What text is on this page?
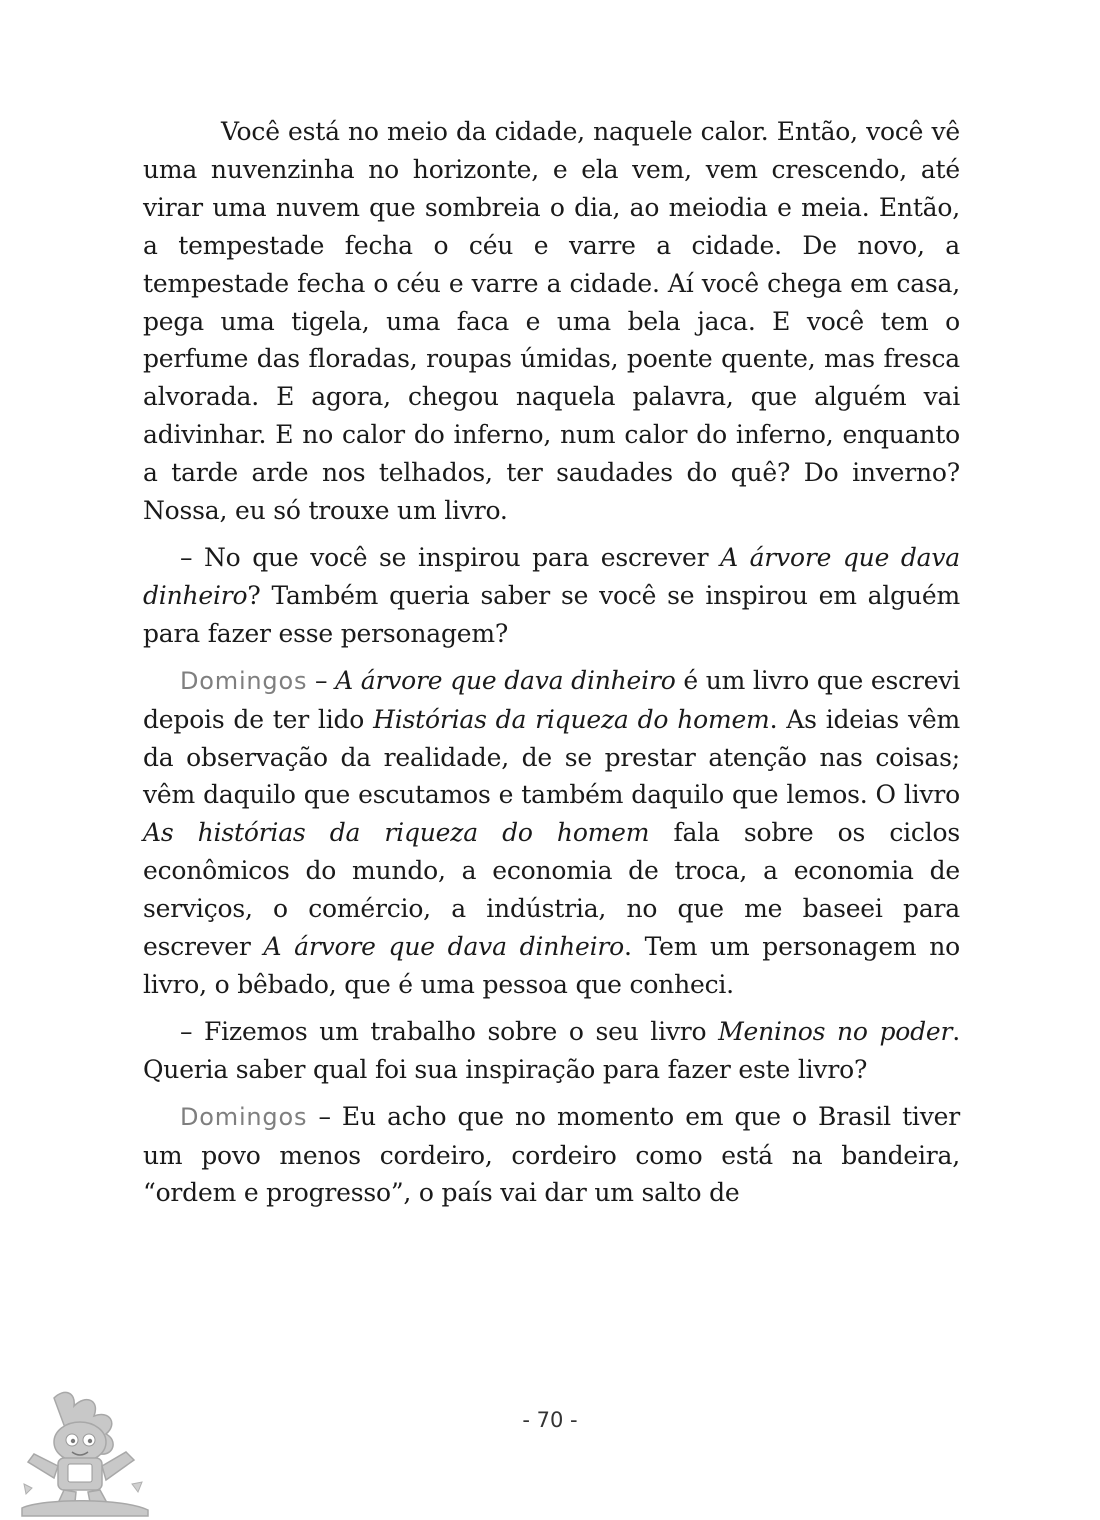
Você está no meio da cidade, naquele calor. Então, você vê uma nuvenzinha no horizonte, e ela vem, vem crescendo, até virar uma nuvem que sombreia o dia, ao meiodia e meia. Então, a tempestade fecha o céu e varre a cidade. De novo, a tempestade fecha o céu e varre a cidade. Aí você chega em casa, pega uma tigela, uma faca e uma bela jaca. E você tem o perfume das floradas, roupas úmidas, poente quente, mas fresca alvorada. E agora, chegou naquela palavra, que alguém vai adivinhar. E no calor do inferno, num calor do inferno, enquanto a tarde arde nos telhados, ter saudades do quê? Do inverno? Nossa, eu só trouxe um livro.

– No que você se inspirou para escrever A árvore que dava dinheiro? Também queria saber se você se inspirou em alguém para fazer esse personagem?

Domingos – A árvore que dava dinheiro é um livro que escrevi depois de ter lido Histórias da riqueza do homem. As ideias vêm da observação da realidade, de se prestar atenção nas coisas; vêm daquilo que escutamos e também daquilo que lemos. O livro As histórias da riqueza do homem fala sobre os ciclos econômicos do mundo, a economia de troca, a economia de serviços, o comércio, a indústria, no que me baseei para escrever A árvore que dava dinheiro. Tem um personagem no livro, o bêbado, que é uma pessoa que conheci.

– Fizemos um trabalho sobre o seu livro Meninos no poder. Queria saber qual foi sua inspiração para fazer este livro?

Domingos – Eu acho que no momento em que o Brasil tiver um povo menos cordeiro, cordeiro como está na bandeira, “ordem e progresso”, o país vai dar um salto de

- 70 -
